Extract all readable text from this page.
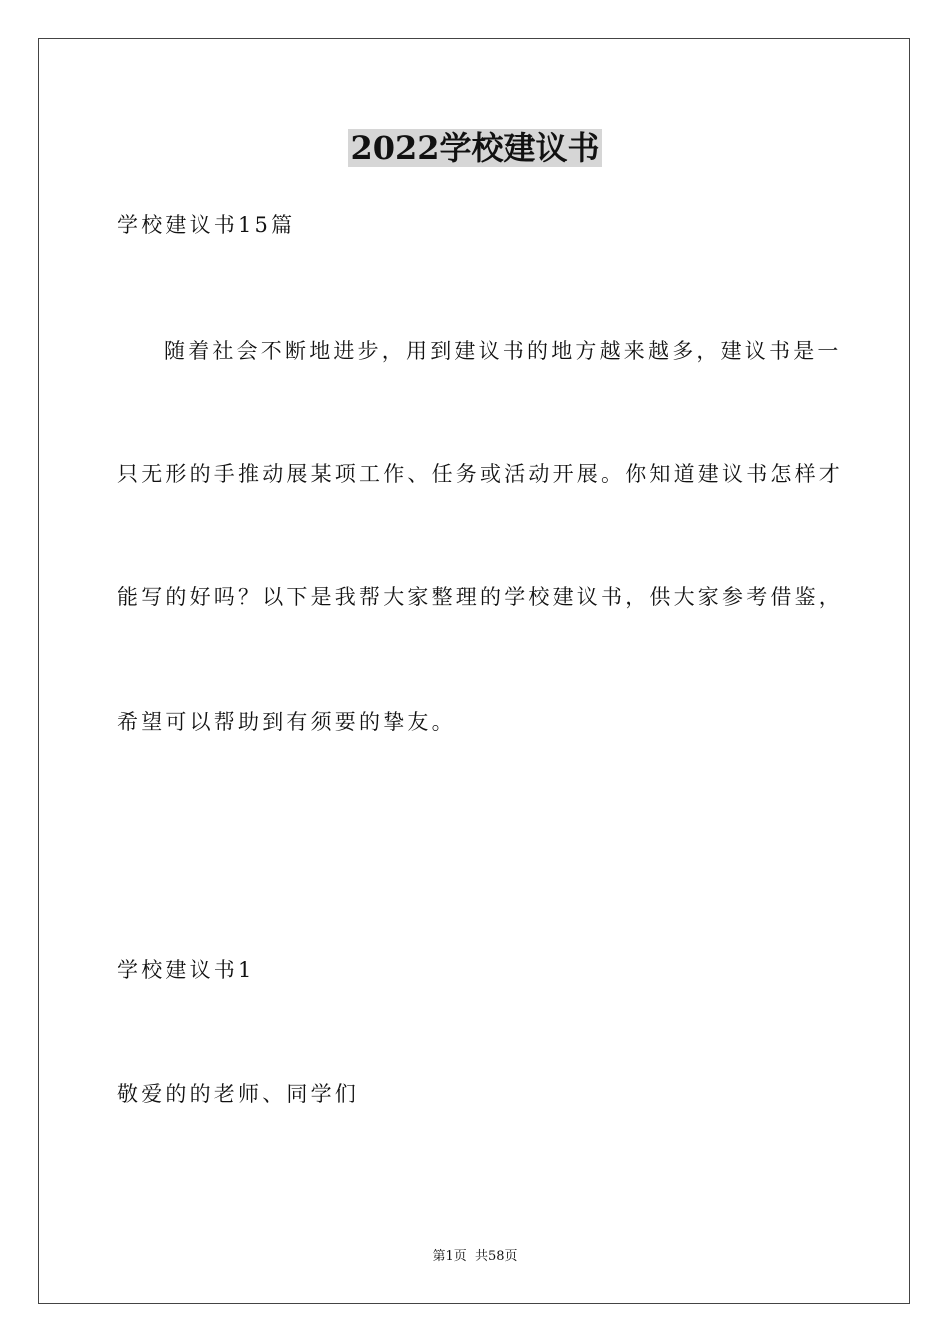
2022学校建议书
学校建议书15篇
随着社会不断地进步，用到建议书的地方越来越多，建议书是一
只无形的手推动展某项工作、任务或活动开展。你知道建议书怎样才
能写的好吗？以下是我帮大家整理的学校建议书，供大家参考借鉴，
希望可以帮助到有须要的挚友。
学校建议书1
敬爱的的老师、同学们
第1页  共58页
